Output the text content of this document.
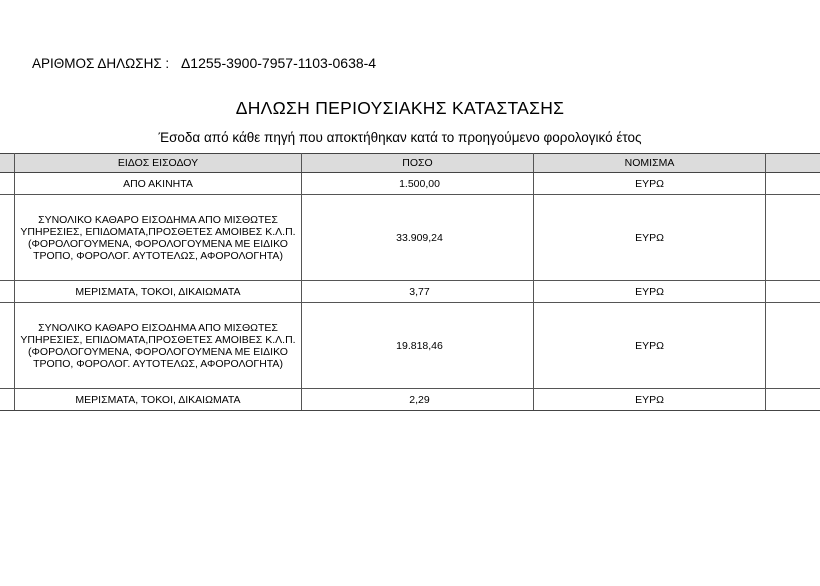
ΑΡΙΘΜΟΣ ΔΗΛΩΣΗΣ : Δ1255-3900-7957-1103-0638-4
ΔΗΛΩΣΗ ΠΕΡΙΟΥΣΙΑΚΗΣ ΚΑΤΑΣΤΑΣΗΣ
Έσοδα από κάθε πηγή που αποκτήθηκαν κατά το προηγούμενο φορολογικό έτος
	ΕΙΔΟΣ ΕΙΣΟΔΟΥ	ΠΟΣΟ	ΝΟΜΙΣΜΑ	
	ΑΠΟ ΑΚΙΝΗΤΑ	1.500,00	ΕΥΡΩ	
	ΣΥΝΟΛΙΚΟ ΚΑΘΑΡΟ ΕΙΣΟΔΗΜΑ ΑΠΟ ΜΙΣΘΩΤΕΣ ΥΠΗΡΕΣΙΕΣ, ΕΠΙΔΟΜΑΤΑ,ΠΡΟΣΘΕΤΕΣ ΑΜΟΙΒΕΣ Κ.Λ.Π.(ΦΟΡΟΛΟΓΟΥΜΕΝΑ, ΦΟΡΟΛΟΓΟΥΜΕΝΑ ΜΕ ΕΙΔΙΚΟ ΤΡΟΠΟ, ΦΟΡΟΛΟΓ. ΑΥΤΟΤΕΛΩΣ, ΑΦΟΡΟΛΟΓΗΤΑ)	33.909,24	ΕΥΡΩ	
	ΜΕΡΙΣΜΑΤΑ, ΤΟΚΟΙ, ΔΙΚΑΙΩΜΑΤΑ	3,77	ΕΥΡΩ	
	ΣΥΝΟΛΙΚΟ ΚΑΘΑΡΟ ΕΙΣΟΔΗΜΑ ΑΠΟ ΜΙΣΘΩΤΕΣ ΥΠΗΡΕΣΙΕΣ, ΕΠΙΔΟΜΑΤΑ,ΠΡΟΣΘΕΤΕΣ ΑΜΟΙΒΕΣ Κ.Λ.Π.(ΦΟΡΟΛΟΓΟΥΜΕΝΑ, ΦΟΡΟΛΟΓΟΥΜΕΝΑ ΜΕ ΕΙΔΙΚΟ ΤΡΟΠΟ, ΦΟΡΟΛΟΓ. ΑΥΤΟΤΕΛΩΣ, ΑΦΟΡΟΛΟΓΗΤΑ)	19.818,46	ΕΥΡΩ	
	ΜΕΡΙΣΜΑΤΑ, ΤΟΚΟΙ, ΔΙΚΑΙΩΜΑΤΑ	2,29	ΕΥΡΩ	
